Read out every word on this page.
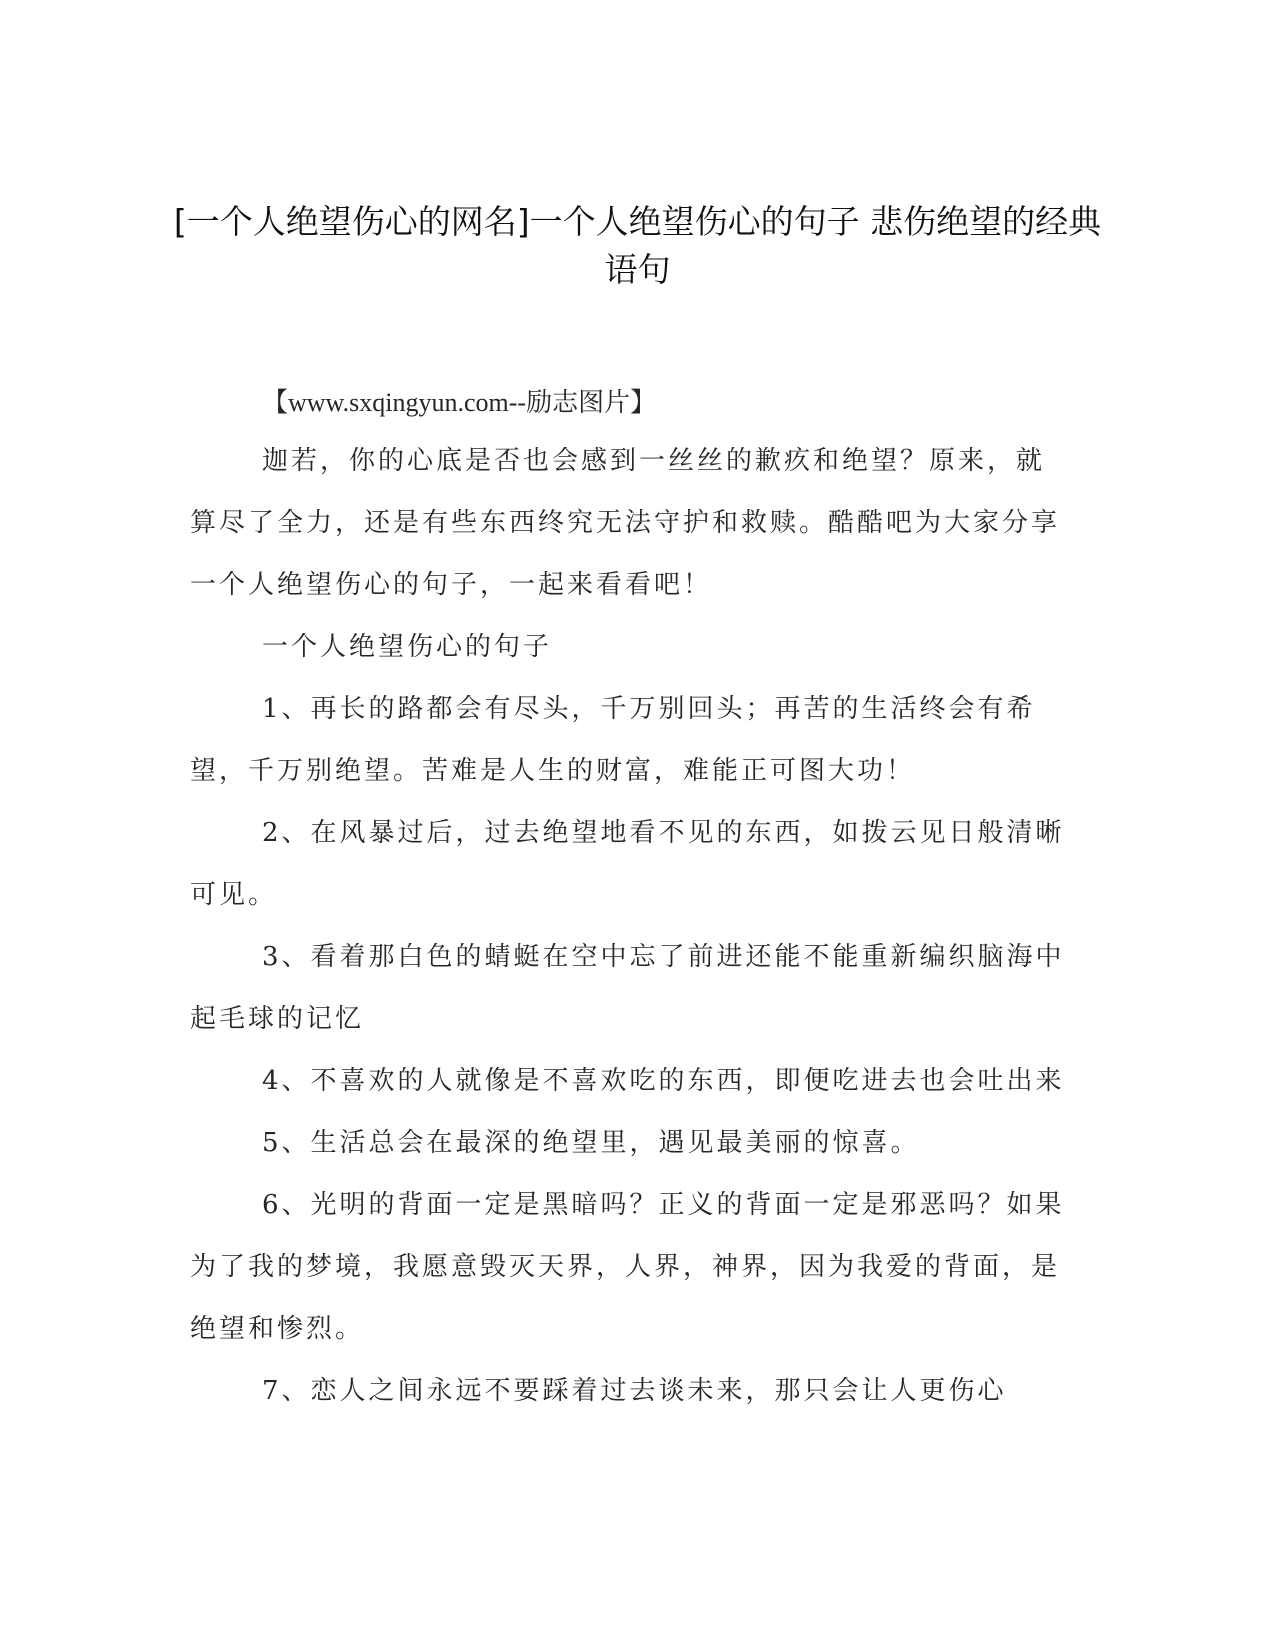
[一个人绝望伤心的网名]一个人绝望伤心的句子 悲伤绝望的经典语句

【www.sxqingyun.com--励志图片】

迦若，你的心底是否也会感到一丝丝的歉疚和绝望？原来，就算尽了全力，还是有些东西终究无法守护和救赎。酷酷吧为大家分享一个人绝望伤心的句子，一起来看看吧！

一个人绝望伤心的句子

1、再长的路都会有尽头，千万别回头；再苦的生活终会有希望，千万别绝望。苦难是人生的财富，难能正可图大功！

2、在风暴过后，过去绝望地看不见的东西，如拨云见日般清晰可见。

3、看着那白色的蜻蜓在空中忘了前进还能不能重新编织脑海中起毛球的记忆

4、不喜欢的人就像是不喜欢吃的东西，即便吃进去也会吐出来

5、生活总会在最深的绝望里，遇见最美丽的惊喜。

6、光明的背面一定是黑暗吗？正义的背面一定是邪恶吗？如果为了我的梦境，我愿意毁灭天界，人界，神界，因为我爱的背面，是绝望和惨烈。

7、恋人之间永远不要踩着过去谈未来，那只会让人更伤心
